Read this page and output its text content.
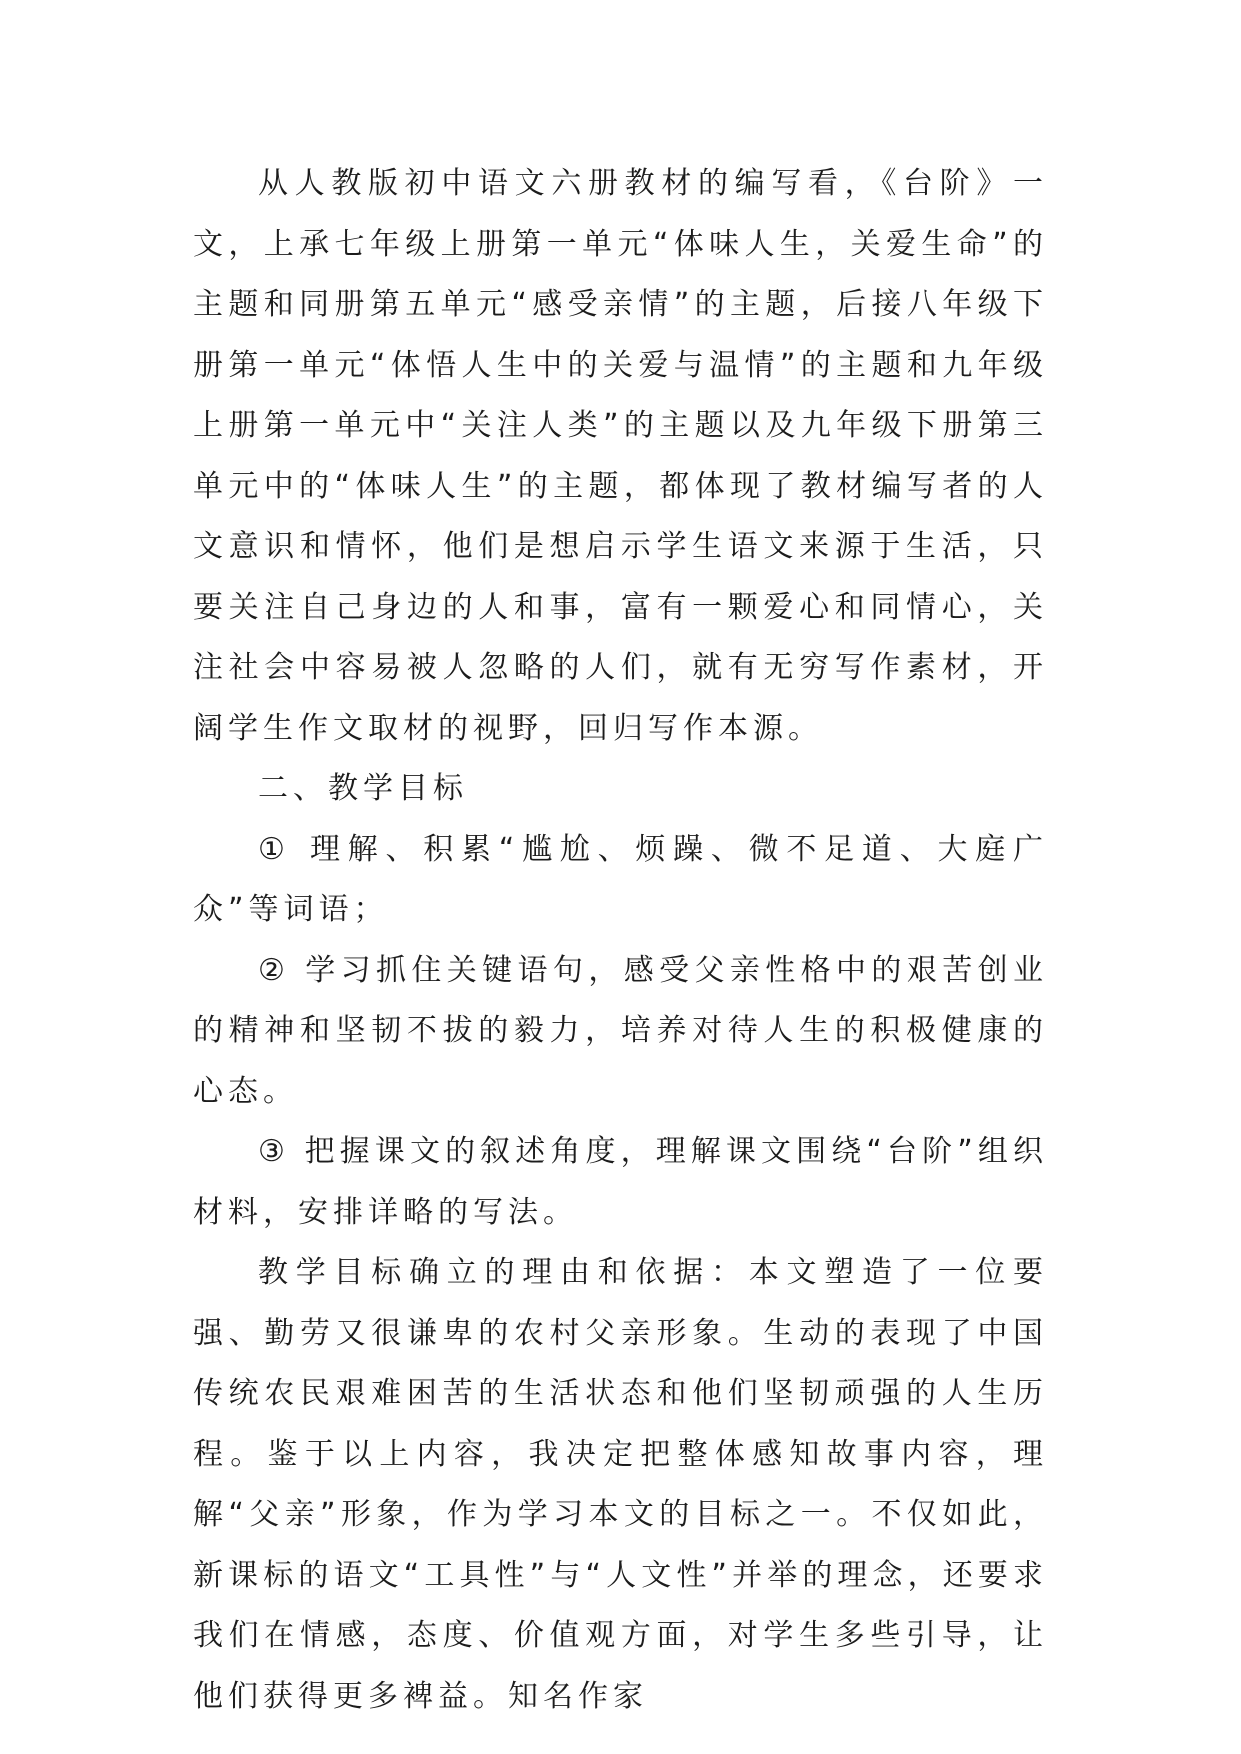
从人教版初中语文六册教材的编写看，《台阶》一文，上承七年级上册第一单元“体味人生，关爱生命”的主题和同册第五单元“感受亲情”的主题，后接八年级下册第一单元“体悟人生中的关爱与温情”的主题和九年级上册第一单元中“关注人类”的主题以及九年级下册第三单元中的“体味人生”的主题，都体现了教材编写者的人文意识和情怀，他们是想启示学生语文来源于生活，只要关注自己身边的人和事，富有一颗爱心和同情心，关注社会中容易被人忽略的人们，就有无穷写作素材，开阔学生作文取材的视野，回归写作本源。

二、教学目标

① 理解、积累“尴尬、烦躁、微不足道、大庭广众”等词语；

② 学习抓住关键语句，感受父亲性格中的艰苦创业的精神和坚韧不拔的毅力，培养对待人生的积极健康的心态。

③ 把握课文的叙述角度，理解课文围绕“台阶”组织材料，安排详略的写法。

教学目标确立的理由和依据：本文塑造了一位要强、勤劳又很谦卑的农村父亲形象。生动的表现了中国传统农民艰难困苦的生活状态和他们坚韧顽强的人生历程。鉴于以上内容，我决定把整体感知故事内容，理解“父亲”形象，作为学习本文的目标之一。不仅如此，新课标的语文“工具性”与“人文性”并举的理念，还要求我们在情感，态度、价值观方面，对学生多些引导，让他们获得更多裨益。知名作家
